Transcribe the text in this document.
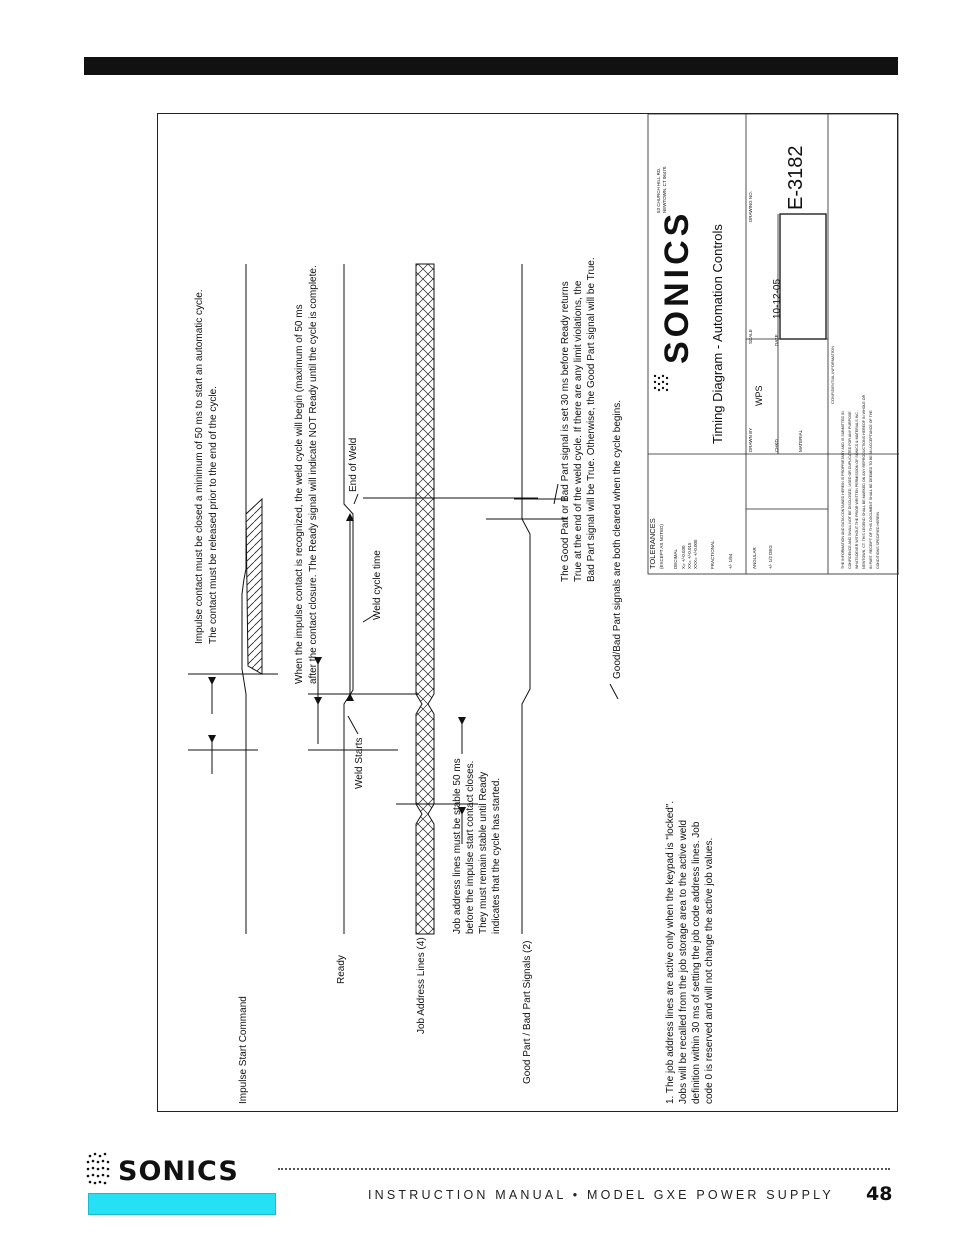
Impulse Start Command
Ready	Job Address Lines (4)	Good Part / Bad Part Signals (2)
Impulse contact must be closed a minimum of 50 ms to start an automatic cycle. The contact must be released prior to the end of the cycle.	When the impulse contact is recognized, the weld cycle will begin (maximum of 50 ms after the contact closure. The Ready signal will indicate NOT Ready until the cycle is complete.	End of Weld
Weld cycle time
Weld Starts	Job address lines must be stable 50 ms before the impulse start contact closes. They must remain stable until Ready indicates that the cycle has started.
The Good Part or Bad Part signal is set 30 ms before Ready returns True at the end of the weld cycle. If there are any limit violations, the Bad Part signal will be True. Otherwise, the Good Part signal will be True. Good/Bad Part signals are both cleared when the cycle begins.
1. The job address lines are active only when the keypad is "locked". Jobs will be recalled from the job storage area to the active weld definition within 30 ms of setting the job code address lines. Job code 0 is reserved and will not change the active job values.
53 CHURCH HILL RD. NEWTOWN, CT 06470
SONICS Timing Diagram - Automation Controls
DRAWING NO. E-3182
SCALE	DATE
10-12-05
DRAWN BY
WPS
CHKD	MATERIAL
TOLERANCES (EXCEPT AS NOTED) DECIMAL X= +/-0.030 XX= +/-0.015 XXX= +/-0.005	FRACTIONAL	+/- 1/64	ANGULAR +/- 1/2 DEG
CONFIDENTIAL INFORMATION
THE INFORMATION AND DATA CONTAINED HEREIN IS PROPRIETARY AND IS SUBMITTED IN CONFIDENCE AND SHALL NOT BE DISCLOSED, USED OR DUPLICATED FOR ANY PURPOSE WHATSOEVER WITHOUT THE PRIOR WRITTEN PERMISSION OF SONICS & MATERIALS INC., NEWTOWN, CT. THIS LEGEND SHALL BE MARKED ON ANY REPRODUCTIONS HEREOF IN WHOLE OR IN PART. RECEIPT OF THIS DOCUMENT SHALL BE DEEMED TO BE AN ACCEPTANCE OF THE CONDITIONS SPECIFIED HEREIN.
SONICS
INSTRUCTION MANUAL • MODEL GXE POWER SUPPLY 48
